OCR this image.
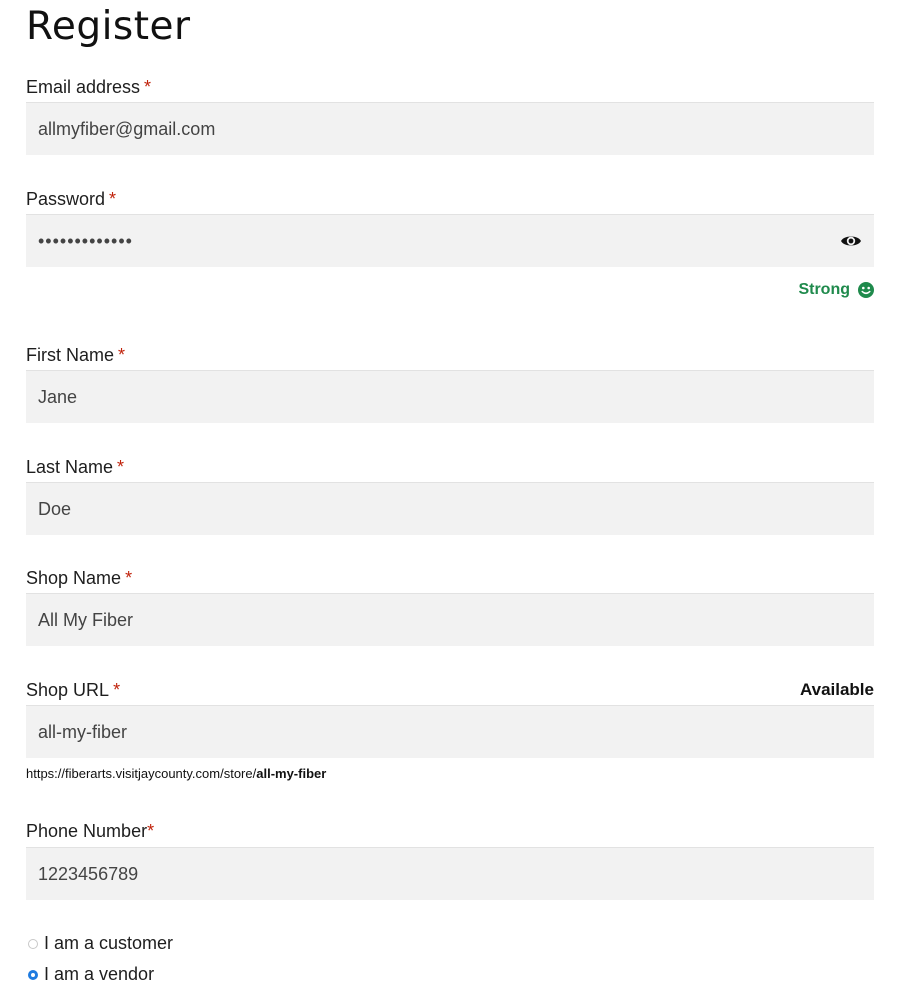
Register
Email address *
allmyfiber@gmail.com
Password *
Strong
First Name *
Jane
Last Name *
Doe
Shop Name *
All My Fiber
Shop URL *	Available
all-my-fiber
https://fiberarts.visitjaycounty.com/store/all-my-fiber
Phone Number*
1223456789
I am a customer
I am a vendor
